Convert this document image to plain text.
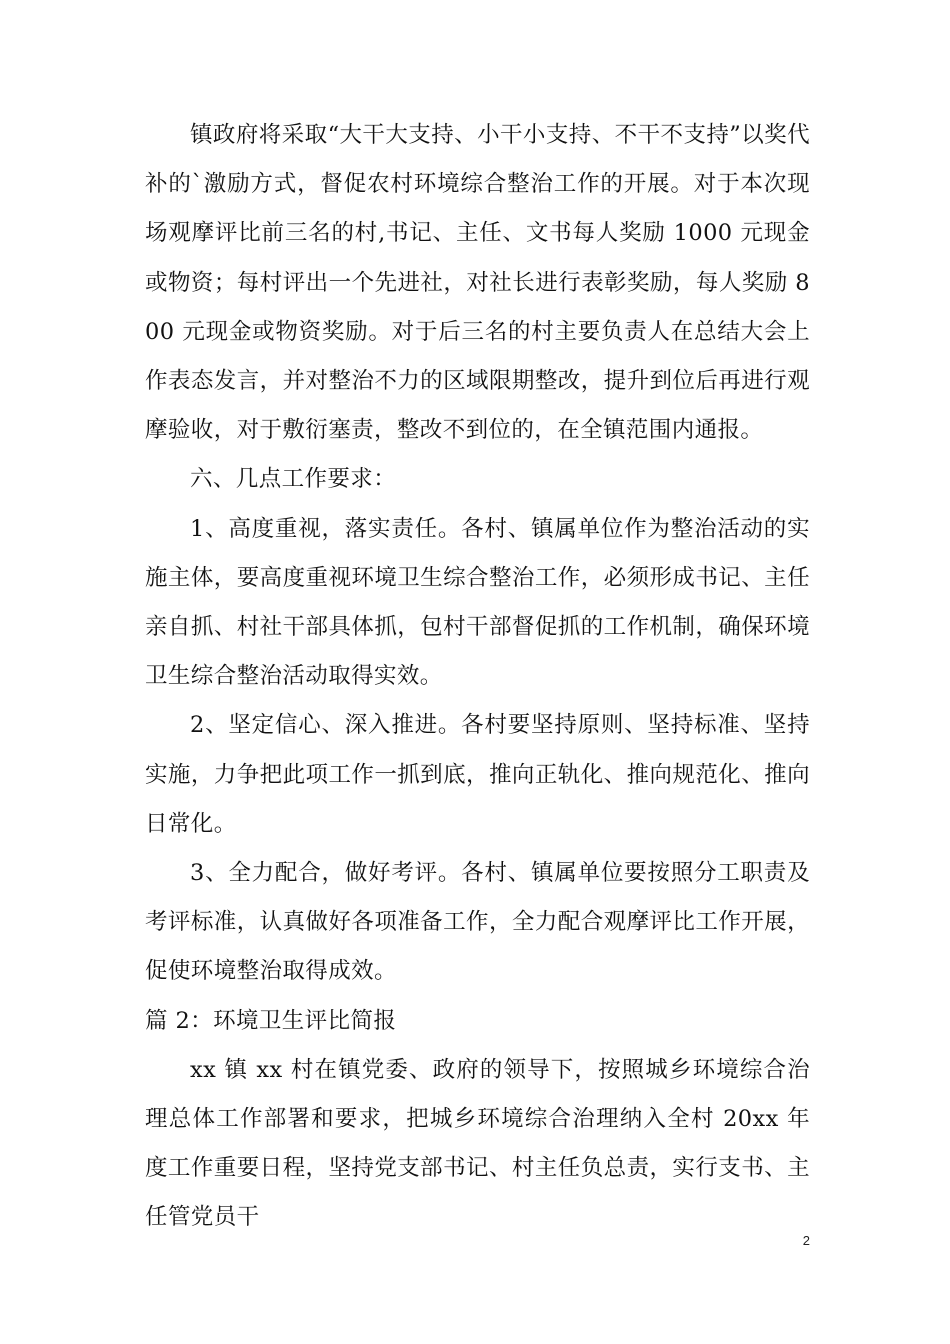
镇政府将采取“大干大支持、小干小支持、不干不支持”以奖代补的`激励方式，督促农村环境综合整治工作的开展。对于本次现场观摩评比前三名的村,书记、主任、文书每人奖励 1000 元现金或物资；每村评出一个先进社，对社长进行表彰奖励，每人奖励 800 元现金或物资奖励。对于后三名的村主要负责人在总结大会上作表态发言，并对整治不力的区域限期整改，提升到位后再进行观摩验收，对于敷衍塞责，整改不到位的，在全镇范围内通报。

六、几点工作要求：

1、高度重视，落实责任。各村、镇属单位作为整治活动的实施主体，要高度重视环境卫生综合整治工作，必须形成书记、主任亲自抓、村社干部具体抓，包村干部督促抓的工作机制，确保环境卫生综合整治活动取得实效。

2、坚定信心、深入推进。各村要坚持原则、坚持标准、坚持实施，力争把此项工作一抓到底，推向正轨化、推向规范化、推向日常化。

3、全力配合，做好考评。各村、镇属单位要按照分工职责及考评标准，认真做好各项准备工作，全力配合观摩评比工作开展，促使环境整治取得成效。

篇 2：环境卫生评比简报

xx 镇 xx 村在镇党委、政府的领导下，按照城乡环境综合治理总体工作部署和要求，把城乡环境综合治理纳入全村 20xx 年度工作重要日程，坚持党支部书记、村主任负总责，实行支书、主任管党员干

2
